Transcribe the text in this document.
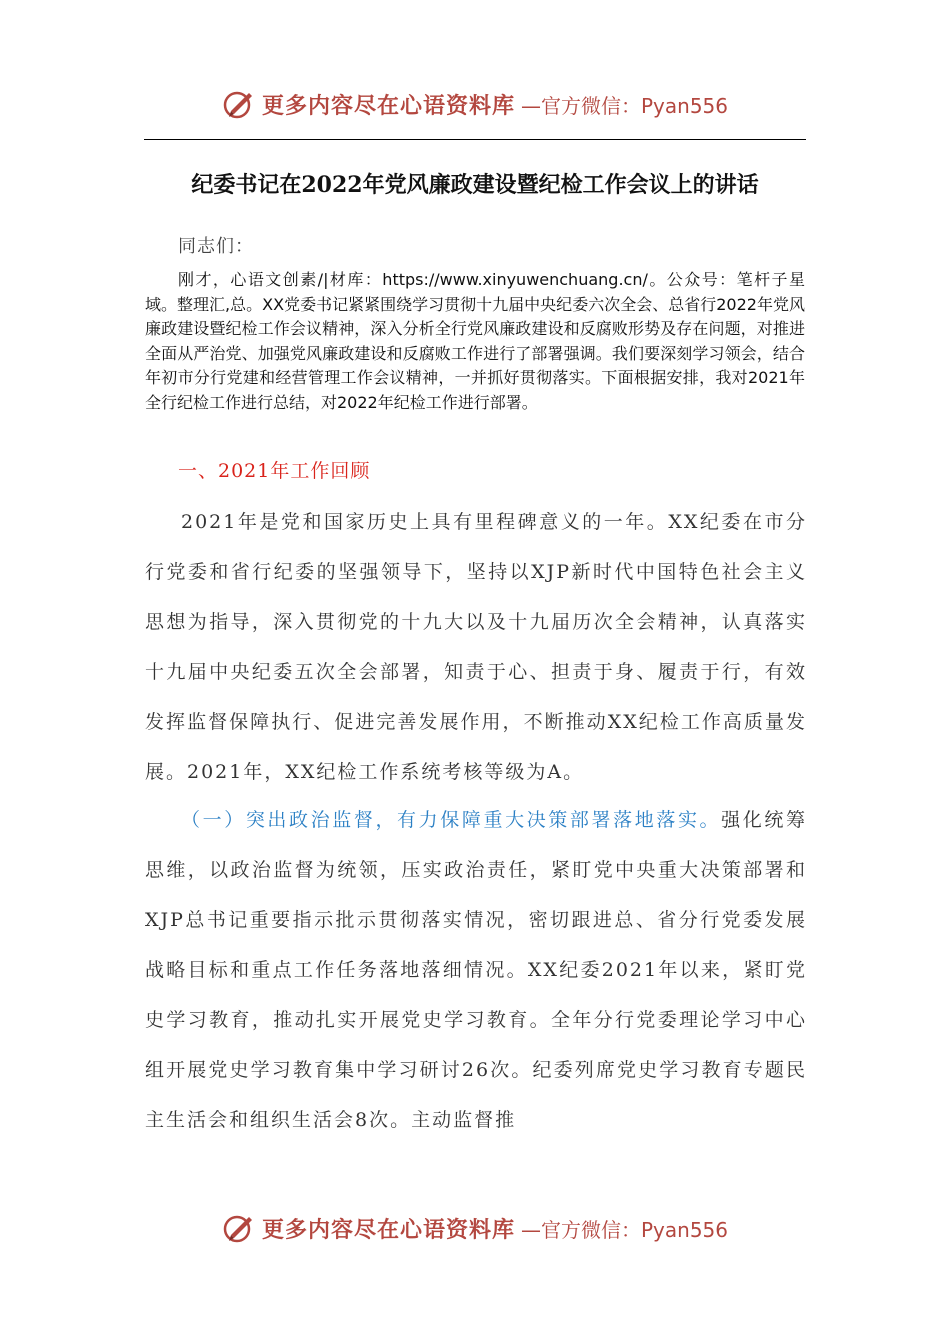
更多内容尽在心语资料库 —官方微信：Pyan556
纪委书记在2022年党风廉政建设暨纪检工作会议上的讲话
同志们：

刚才，心语文创素/|材库：https://www.xinyuwenchuang.cn/。公众号：笔杆子星域。整理汇,总。XX党委书记紧紧围绕学习贯彻十九届中央纪委六次全会、总省行2022年党风廉政建设暨纪检工作会议精神，深入分析全行党风廉政建设和反腐败形势及存在问题，对推进全面从严治党、加强党风廉政建设和反腐败工作进行了部署强调。我们要深刻学习领会，结合年初市分行党建和经营管理工作会议精神，一并抓好贯彻落实。下面根据安排，我对2021年全行纪检工作进行总结，对2022年纪检工作进行部署。

一、2021年工作回顾

2021年是党和国家历史上具有里程碑意义的一年。XX纪委在市分行党委和省行纪委的坚强领导下，坚持以XJP新时代中国特色社会主义思想为指导，深入贯彻党的十九大以及十九届历次全会精神，认真落实十九届中央纪委五次全会部署，知责于心、担责于身、履责于行，有效发挥监督保障执行、促进完善发展作用，不断推动XX纪检工作高质量发展。2021年，XX纪检工作系统考核等级为A。

（一）突出政治监督，有力保障重大决策部署落地落实。强化统筹思维，以政治监督为统领，压实政治责任，紧盯党中央重大决策部署和XJP总书记重要指示批示贯彻落实情况，密切跟进总、省分行党委发展战略目标和重点工作任务落地落细情况。XX纪委2021年以来，紧盯党史学习教育，推动扎实开展党史学习教育。全年分行党委理论学习中心组开展党史学习教育集中学习研讨26次。纪委列席党史学习教育专题民主生活会和组织生活会8次。主动监督推

更多内容尽在心语资料库 —官方微信：Pyan556
